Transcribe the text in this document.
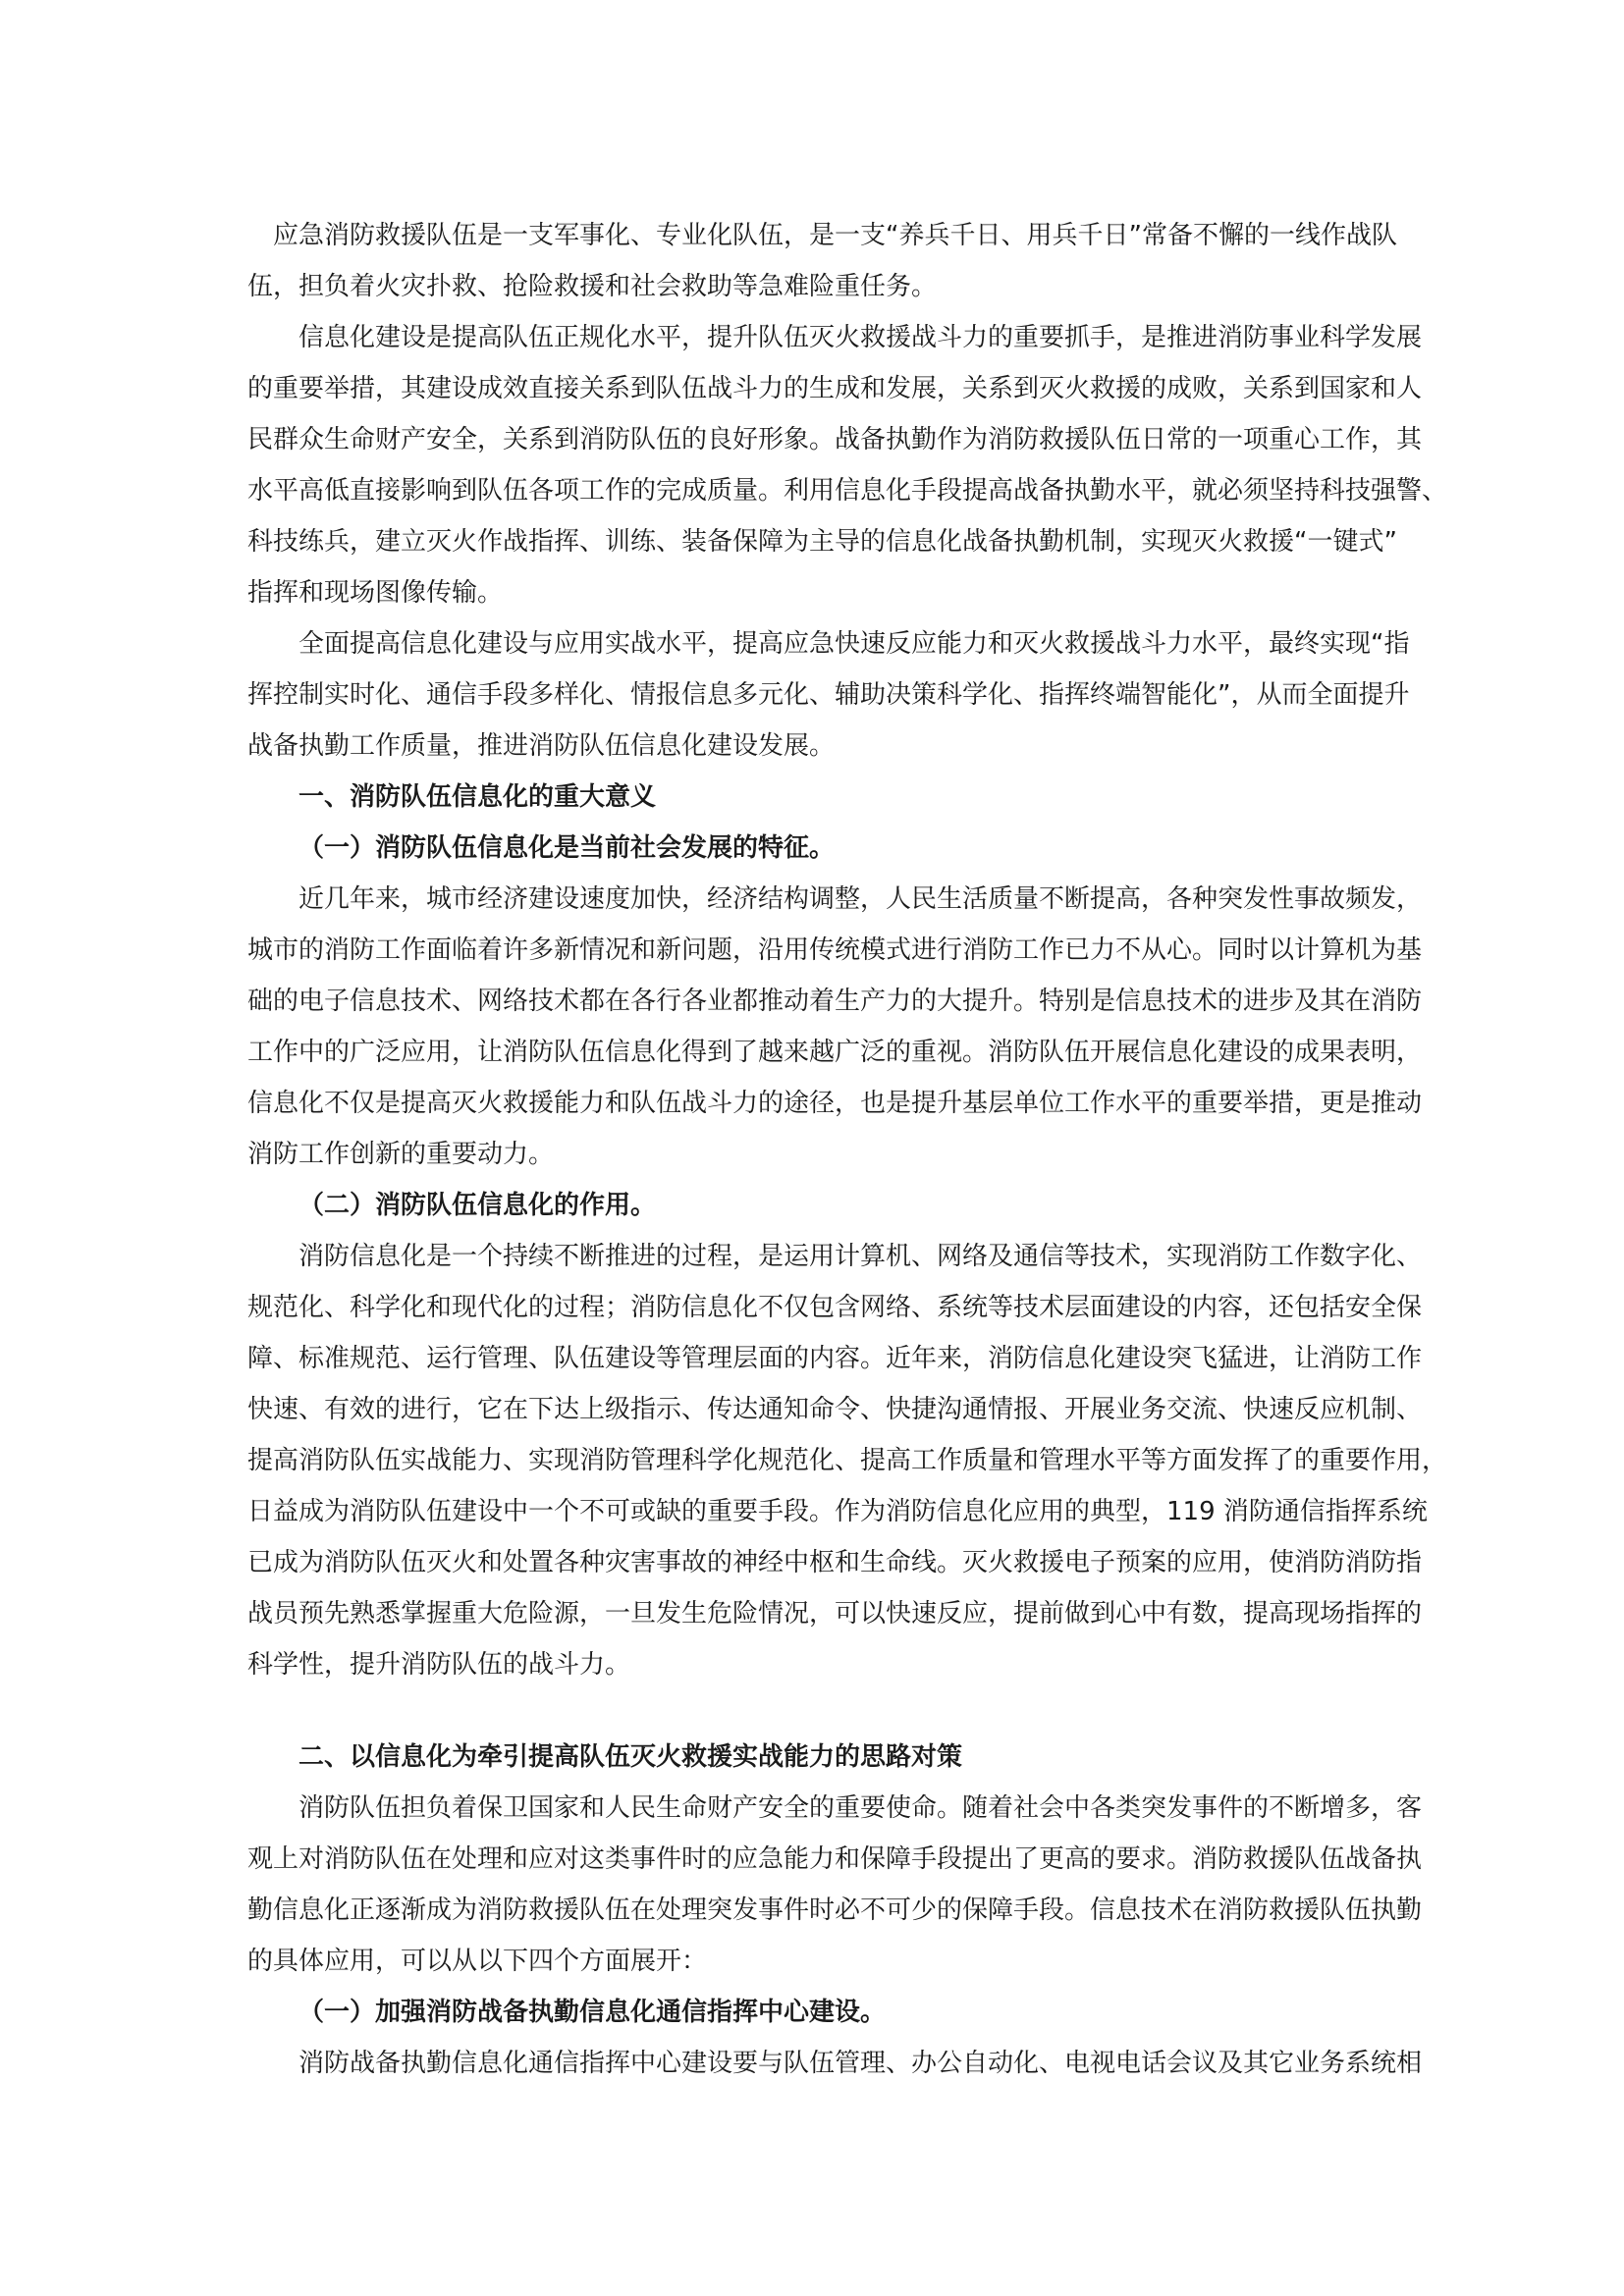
应急消防救援队伍是一支军事化、专业化队伍，是一支“养兵千日、用兵千日”常备不懈的一线作战队
伍，担负着火灾扑救、抢险救援和社会救助等急难险重任务。
信息化建设是提高队伍正规化水平，提升队伍灭火救援战斗力的重要抓手，是推进消防事业科学发展
的重要举措，其建设成效直接关系到队伍战斗力的生成和发展，关系到灭火救援的成败，关系到国家和人
民群众生命财产安全，关系到消防队伍的良好形象。战备执勤作为消防救援队伍日常的一项重心工作，其
水平高低直接影响到队伍各项工作的完成质量。利用信息化手段提高战备执勤水平，就必须坚持科技强警、
科技练兵，建立灭火作战指挥、训练、装备保障为主导的信息化战备执勤机制，实现灭火救援“一键式”
指挥和现场图像传输。
全面提高信息化建设与应用实战水平，提高应急快速反应能力和灭火救援战斗力水平，最终实现“指
挥控制实时化、通信手段多样化、情报信息多元化、辅助决策科学化、指挥终端智能化”，从而全面提升
战备执勤工作质量，推进消防队伍信息化建设发展。
一、消防队伍信息化的重大意义
（一）消防队伍信息化是当前社会发展的特征。
近几年来，城市经济建设速度加快，经济结构调整，人民生活质量不断提高，各种突发性事故频发，
城市的消防工作面临着许多新情况和新问题，沿用传统模式进行消防工作已力不从心。同时以计算机为基
础的电子信息技术、网络技术都在各行各业都推动着生产力的大提升。特别是信息技术的进步及其在消防
工作中的广泛应用，让消防队伍信息化得到了越来越广泛的重视。消防队伍开展信息化建设的成果表明，
信息化不仅是提高灭火救援能力和队伍战斗力的途径，也是提升基层单位工作水平的重要举措，更是推动
消防工作创新的重要动力。
（二）消防队伍信息化的作用。
消防信息化是一个持续不断推进的过程，是运用计算机、网络及通信等技术，实现消防工作数字化、
规范化、科学化和现代化的过程；消防信息化不仅包含网络、系统等技术层面建设的内容，还包括安全保
障、标准规范、运行管理、队伍建设等管理层面的内容。近年来，消防信息化建设突飞猛进，让消防工作
快速、有效的进行，它在下达上级指示、传达通知命令、快捷沟通情报、开展业务交流、快速反应机制、
提高消防队伍实战能力、实现消防管理科学化规范化、提高工作质量和管理水平等方面发挥了的重要作用，
日益成为消防队伍建设中一个不可或缺的重要手段。作为消防信息化应用的典型，119 消防通信指挥系统
已成为消防队伍灭火和处置各种灾害事故的神经中枢和生命线。灭火救援电子预案的应用，使消防消防指
战员预先熟悉掌握重大危险源，一旦发生危险情况，可以快速反应，提前做到心中有数，提高现场指挥的
科学性，提升消防队伍的战斗力。
二、以信息化为牵引提高队伍灭火救援实战能力的思路对策
消防队伍担负着保卫国家和人民生命财产安全的重要使命。随着社会中各类突发事件的不断增多，客
观上对消防队伍在处理和应对这类事件时的应急能力和保障手段提出了更高的要求。消防救援队伍战备执
勤信息化正逐渐成为消防救援队伍在处理突发事件时必不可少的保障手段。信息技术在消防救援队伍执勤
的具体应用，可以从以下四个方面展开：
（一）加强消防战备执勤信息化通信指挥中心建设。
消防战备执勤信息化通信指挥中心建设要与队伍管理、办公自动化、电视电话会议及其它业务系统相
